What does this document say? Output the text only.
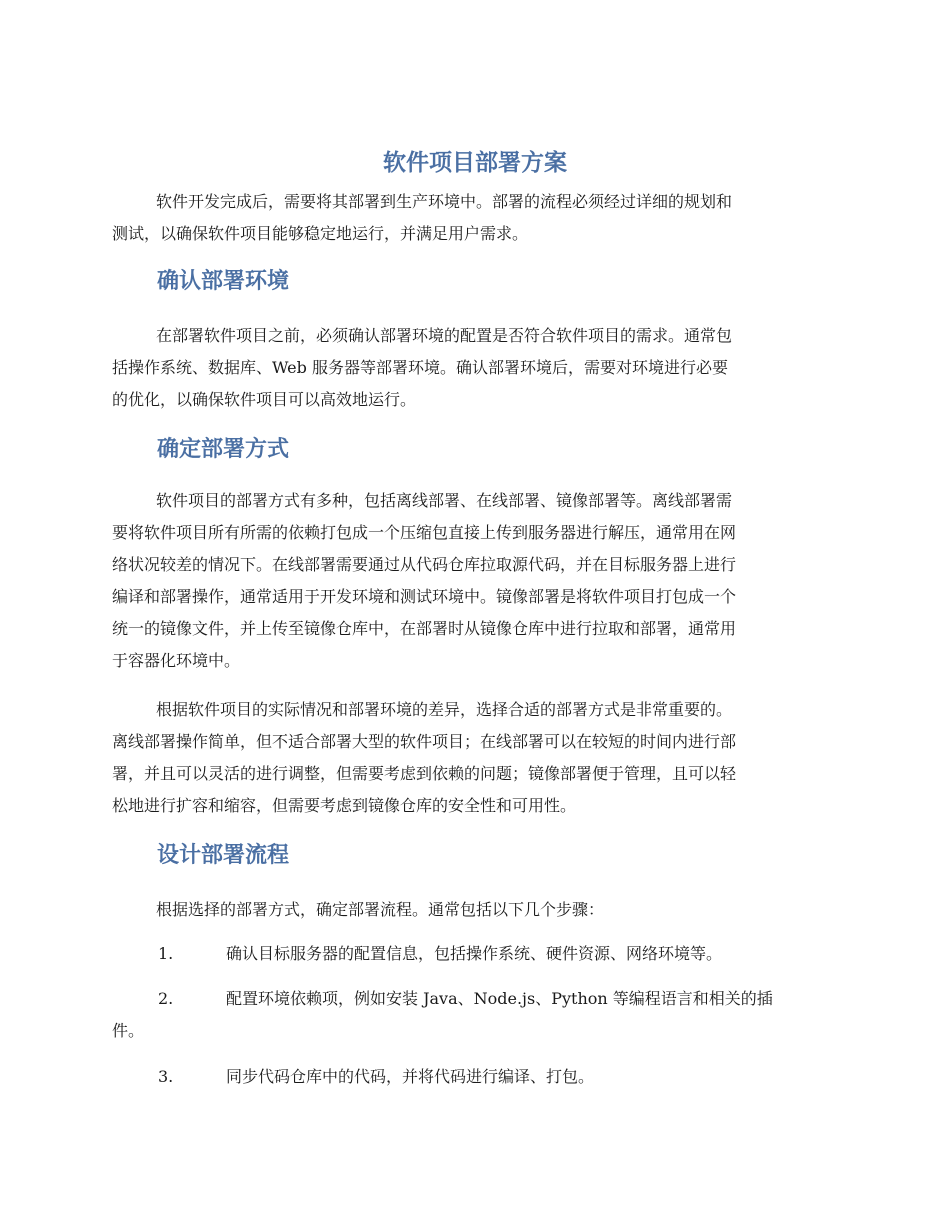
软件项目部署方案

软件开发完成后，需要将其部署到生产环境中。部署的流程必须经过详细的规划和
测试，以确保软件项目能够稳定地运行，并满足用户需求。

确认部署环境

在部署软件项目之前，必须确认部署环境的配置是否符合软件项目的需求。通常包
括操作系统、数据库、Web 服务器等部署环境。确认部署环境后，需要对环境进行必要
的优化，以确保软件项目可以高效地运行。

确定部署方式

软件项目的部署方式有多种，包括离线部署、在线部署、镜像部署等。离线部署需
要将软件项目所有所需的依赖打包成一个压缩包直接上传到服务器进行解压，通常用在网
络状况较差的情况下。在线部署需要通过从代码仓库拉取源代码，并在目标服务器上进行
编译和部署操作，通常适用于开发环境和测试环境中。镜像部署是将软件项目打包成一个
统一的镜像文件，并上传至镜像仓库中，在部署时从镜像仓库中进行拉取和部署，通常用
于容器化环境中。

根据软件项目的实际情况和部署环境的差异，选择合适的部署方式是非常重要的。
离线部署操作简单，但不适合部署大型的软件项目；在线部署可以在较短的时间内进行部
署，并且可以灵活的进行调整，但需要考虑到依赖的问题；镜像部署便于管理，且可以轻
松地进行扩容和缩容，但需要考虑到镜像仓库的安全性和可用性。

设计部署流程

根据选择的部署方式，确定部署流程。通常包括以下几个步骤：

1.	确认目标服务器的配置信息，包括操作系统、硬件资源、网络环境等。
2.	配置环境依赖项，例如安装 Java、Node.js、Python 等编程语言和相关的插
件。
3.	同步代码仓库中的代码，并将代码进行编译、打包。
